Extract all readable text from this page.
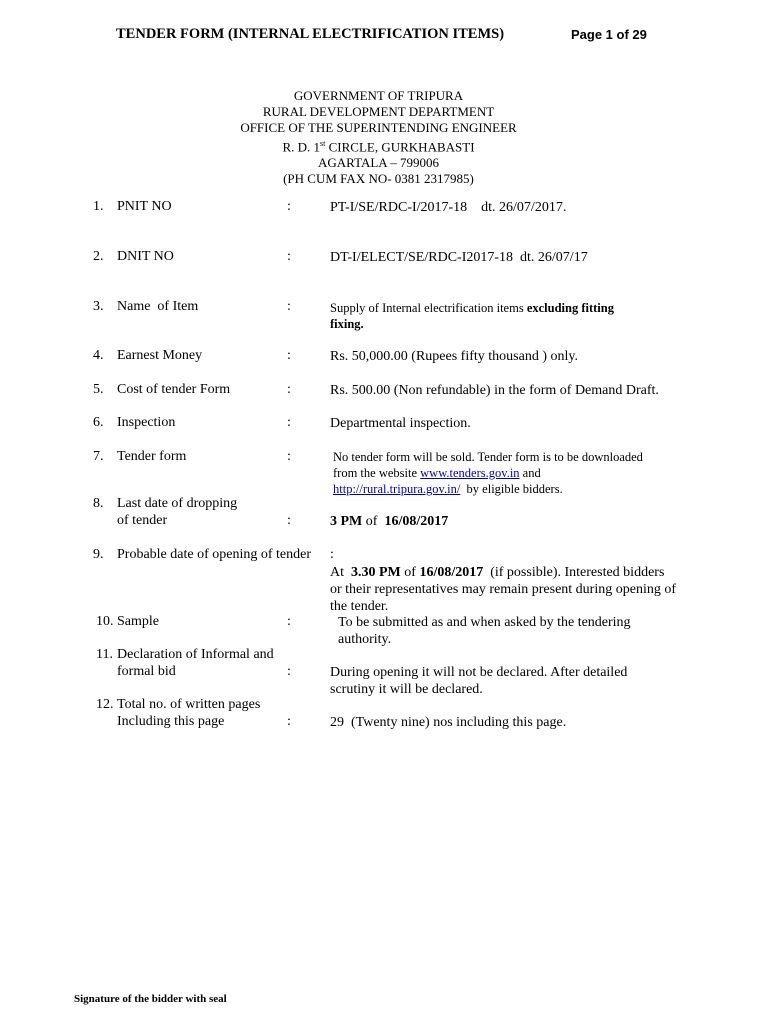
TENDER FORM (INTERNAL ELECTRIFICATION ITEMS)	Page 1 of 29
GOVERNMENT OF TRIPURA
RURAL DEVELOPMENT DEPARTMENT
OFFICE OF THE SUPERINTENDING ENGINEER
R. D. 1st CIRCLE, GURKHABASTI
AGARTALA – 799006
(PH CUM FAX NO- 0381 2317985)
1. PNIT NO	:	PT-I/SE/RDC-I/2017-18    dt. 26/07/2017.
2. DNIT NO	:	DT-I/ELECT/SE/RDC-I2017-18  dt. 26/07/17
3. Name  of Item	:	Supply of Internal electrification items excluding fitting
fixing.
4. Earnest Money	:	Rs. 50,000.00 (Rupees fifty thousand ) only.
5. Cost of tender Form	:	Rs. 500.00 (Non refundable) in the form of Demand Draft.
6. Inspection	:	Departmental inspection.
7. Tender form	:	No tender form will be sold. Tender form is to be downloaded
from the website www.tenders.gov.in and
http://rural.tripura.gov.in/  by eligible bidders.
8. Last date of dropping
of tender	:	3 PM of  16/08/2017
9. Probable date of opening of tender :
At  3.30 PM of 16/08/2017  (if possible). Interested bidders
or their representatives may remain present during opening of
the tender.
10. Sample	:	To be submitted as and when asked by the tendering
authority.
11. Declaration of Informal and
formal bid	:	During opening it will not be declared. After detailed
scrutiny it will be declared.
12. Total no. of written pages
Including this page	:	29  (Twenty nine) nos including this page.
Signature of the bidder with seal
